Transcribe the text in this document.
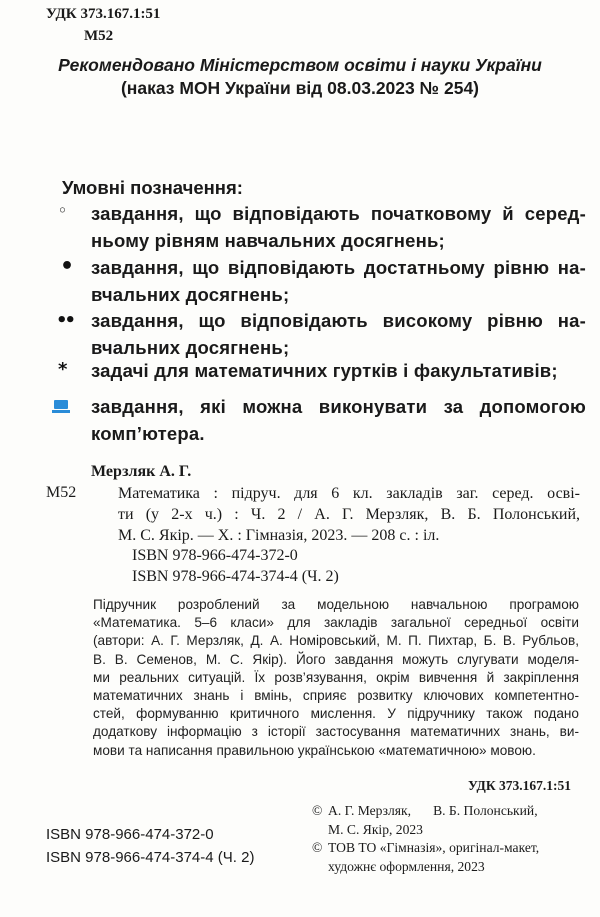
УДК 373.167.1:51
М52
Рекомендовано Міністерством освіти і науки України
(наказ МОН України від 08.03.2023 № 254)
Умовні позначення:
◦ завдання, що відповідають початковому й серед-
ньому рівням навчальних досягнень;
• завдання, що відповідають достатньому рівню на-
вчальних досягнень;
•• завдання, що відповідають високому рівню на-
вчальних досягнень;
* задачі для математичних гуртків і факультативів;
завдання, які можна виконувати за допомогою
комп’ютера.
Мерзляк А. Г.
М52	Математика : підруч. для 6 кл. закладів заг. серед. осві-
ти (у 2-х ч.) : Ч. 2 / А. Г. Мерзляк, В. Б. Полонський,
М. С. Якір. — Х. : Гімназія, 2023. — 208 с. : іл.
ISBN 978-966-474-372-0
ISBN 978-966-474-374-4 (Ч. 2)
Підручник розроблений за модельною навчальною програмою
«Математика. 5–6 класи» для закладів загальної середньої освіти
(автори: А. Г. Мерзляк, Д. А. Номіровський, М. П. Пихтар, Б. В. Рубльов,
В. В. Семенов, М. С. Якір). Його завдання можуть слугувати моделя-
ми реальних ситуацій. Їх розв’язування, окрім вивчення й закріплення
математичних знань і вмінь, сприяє розвитку ключових компетентно-
стей, формуванню критичного мислення. У підручнику також подано
додаткову інформацію з історії застосування математичних знань, ви-
мови та написання правильною українською «математичною» мовою.
УДК 373.167.1:51
ISBN 978-966-474-372-0
ISBN 978-966-474-374-4 (Ч. 2)
© А. Г. Мерзляк, В. Б. Полонський,
М. С. Якір, 2023
© ТОВ ТО «Гімназія», оригінал-макет,
художнє оформлення, 2023
